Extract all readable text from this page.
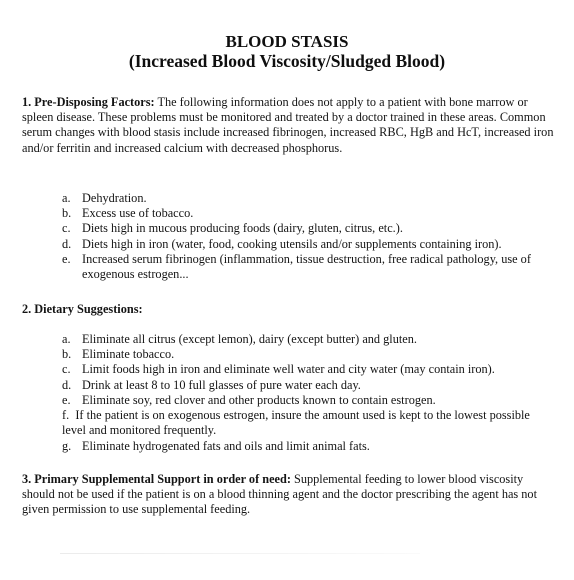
BLOOD STASIS
(Increased Blood Viscosity/Sludged Blood)
1. Pre-Disposing Factors: The following information does not apply to a patient with bone marrow or spleen disease. These problems must be monitored and treated by a doctor trained in these areas. Common serum changes with blood stasis include increased fibrinogen, increased RBC, HgB and HcT, increased iron and/or ferritin and increased calcium with decreased phosphorus.
a. Dehydration.
b. Excess use of tobacco.
c. Diets high in mucous producing foods (dairy, gluten, citrus, etc.).
d. Diets high in iron (water, food, cooking utensils and/or supplements containing iron).
e. Increased serum fibrinogen (inflammation, tissue destruction, free radical pathology, use of exogenous estrogen...
2. Dietary Suggestions:
a. Eliminate all citrus (except lemon), dairy (except butter) and gluten.
b. Eliminate tobacco.
c. Limit foods high in iron and eliminate well water and city water (may contain iron).
d. Drink at least 8 to 10 full glasses of pure water each day.
e. Eliminate soy, red clover and other products known to contain estrogen.
f. If the patient is on exogenous estrogen, insure the amount used is kept to the lowest possible level and monitored frequently.
g. Eliminate hydrogenated fats and oils and limit animal fats.
3. Primary Supplemental Support in order of need: Supplemental feeding to lower blood viscosity should not be used if the patient is on a blood thinning agent and the doctor prescribing the agent has not given permission to use supplemental feeding.
